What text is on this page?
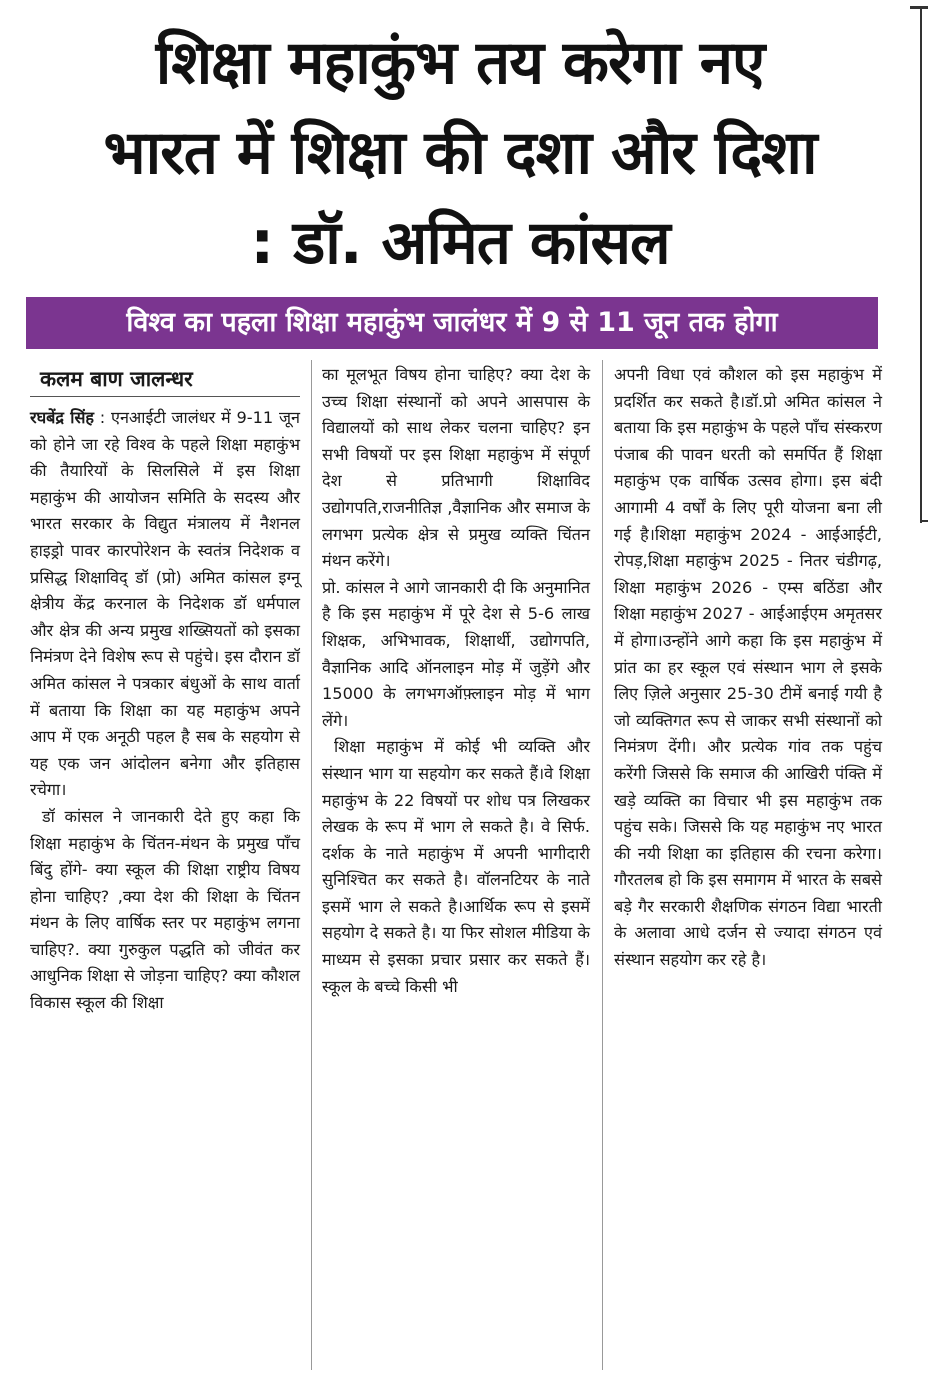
शिक्षा महाकुंभ तय करेगा नए
भारत में शिक्षा की दशा और दिशा
: डॉ. अमित कांसल
विश्व का पहला शिक्षा महाकुंभ जालंधर में 9 से 11 जून तक होगा
कलम बाण जालन्धर

रघबेंद्र सिंह : एनआईटी जालंधर में 9-11 जून को होने जा रहे विश्व के पहले शिक्षा महाकुंभ की तैयारियों के सिलसिले में इस शिक्षा महाकुंभ की आयोजन समिति के सदस्य और भारत सरकार के विद्युत मंत्रालय में नैशनल हाइड्रो पावर कारपोरेशन के स्वतंत्र निदेशक व प्रसिद्ध शिक्षाविद् डॉ (प्रो) अमित कांसल इग्नू क्षेत्रीय केंद्र करनाल के निदेशक डॉ धर्मपाल और क्षेत्र की अन्य प्रमुख शख्सियतों को इसका निमंत्रण देने विशेष रूप से पहुंचे। इस दौरान डॉ अमित कांसल ने पत्रकार बंधुओं के साथ वार्ता में बताया कि शिक्षा का यह महाकुंभ अपने आप में एक अनूठी पहल है सब के सहयोग से यह एक जन आंदोलन बनेगा और इतिहास रचेगा।

डॉ कांसल ने जानकारी देते हुए कहा कि शिक्षा महाकुंभ के चिंतन-मंथन के प्रमुख पाँच बिंदु होंगे- क्या स्कूल की शिक्षा राष्ट्रीय विषय होना चाहिए? ,क्या देश की शिक्षा के चिंतन मंथन के लिए वार्षिक स्तर पर महाकुंभ लगना चाहिए?. क्या गुरुकुल पद्धति को जीवंत कर आधुनिक शिक्षा से जोड़ना चाहिए? क्या कौशल विकास स्कूल की शिक्षा

का मूलभूत विषय होना चाहिए? क्या देश के उच्च शिक्षा संस्थानों को अपने आसपास के विद्यालयों को साथ लेकर चलना चाहिए? इन सभी विषयों पर इस शिक्षा महाकुंभ में संपूर्ण देश से प्रतिभागी शिक्षाविद उद्योगपति,राजनीतिज्ञ ,वैज्ञानिक और समाज के लगभग प्रत्येक क्षेत्र से प्रमुख व्यक्ति चिंतन मंथन करेंगे।

प्रो. कांसल ने आगे जानकारी दी कि अनुमानित है कि इस महाकुंभ में पूरे देश से 5-6 लाख शिक्षक, अभिभावक, शिक्षार्थी, उद्योगपति, वैज्ञानिक आदि ऑनलाइन मोड़ में जुड़ेंगे और 15000 के लगभगऑफ़्लाइन मोड़ में भाग लेंगे।

शिक्षा महाकुंभ में कोई भी व्यक्ति और संस्थान भाग या सहयोग कर सकते हैं।वे शिक्षा महाकुंभ के 22 विषयों पर शोध पत्र लिखकर लेखक के रूप में भाग ले सकते है। वे सिर्फ. दर्शक के नाते महाकुंभ में अपनी भागीदारी सुनिश्चित कर सकते है। वॉलनटियर के नाते इसमें भाग ले सकते है।आर्थिक रूप से इसमें सहयोग दे सकते है। या फिर सोशल मीडिया के माध्यम से इसका प्रचार प्रसार कर सकते हैं। स्कूल के बच्चे किसी भी

अपनी विधा एवं कौशल को इस महाकुंभ में प्रदर्शित कर सकते है।डॉ.प्रो अमित कांसल ने बताया कि इस महाकुंभ के पहले पाँच संस्करण पंजाब की पावन धरती को समर्पित हैं शिक्षा महाकुंभ एक वार्षिक उत्सव होगा। इस बंदी आगामी 4 वर्षों के लिए पूरी योजना बना ली गई है।शिक्षा महाकुंभ 2024 - आईआईटी, रोपड़,शिक्षा महाकुंभ 2025 - नितर चंडीगढ़, शिक्षा महाकुंभ 2026 - एम्स बठिंडा और शिक्षा महाकुंभ 2027 - आईआईएम अमृतसर में होगा।उन्होंने आगे कहा कि इस महाकुंभ में प्रांत का हर स्कूल एवं संस्थान भाग ले इसके लिए ज़िले अनुसार 25-30 टीमें बनाई गयी है जो व्यक्तिगत रूप से जाकर सभी संस्थानों को निमंत्रण देंगी। और प्रत्येक गांव तक पहुंच करेंगी जिससे कि समाज की आखिरी पंक्ति में खड़े व्यक्ति का विचार भी इस महाकुंभ तक पहुंच सके। जिससे कि यह महाकुंभ नए भारत की नयी शिक्षा का इतिहास की रचना करेगा। गौरतलब हो कि इस समागम में भारत के सबसे बड़े गैर सरकारी शैक्षणिक संगठन विद्या भारती के अलावा आधे दर्जन से ज्यादा संगठन एवं संस्थान सहयोग कर रहे है।
